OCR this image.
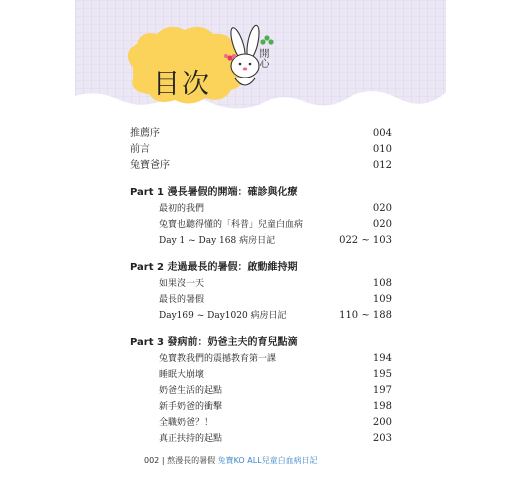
目次
開心
推薦序	004
前言	010
兔寶爸序	012
Part 1 漫長暑假的開端：確診與化療
最初的我們	020
兔寶也聽得懂的「科普」兒童白血病	020
Day 1 ~ Day 168 病房日記	022 ~ 103
Part 2 走過最長的暑假：啟動維持期
如果沒一天	108
最長的暑假	109
Day169 ~ Day1020 病房日記	110 ~ 188
Part 3 發病前：奶爸主夫的育兒點滴
兔寶教我們的震撼教育第一課	194
睡眠大崩壞	195
奶爸生活的起點	197
新手奶爸的衝擊	198
全職奶爸？！	200
真正扶持的起點	203
002 | 熬漫長的暑假 兔寶KO ALL兒童白血病日記
